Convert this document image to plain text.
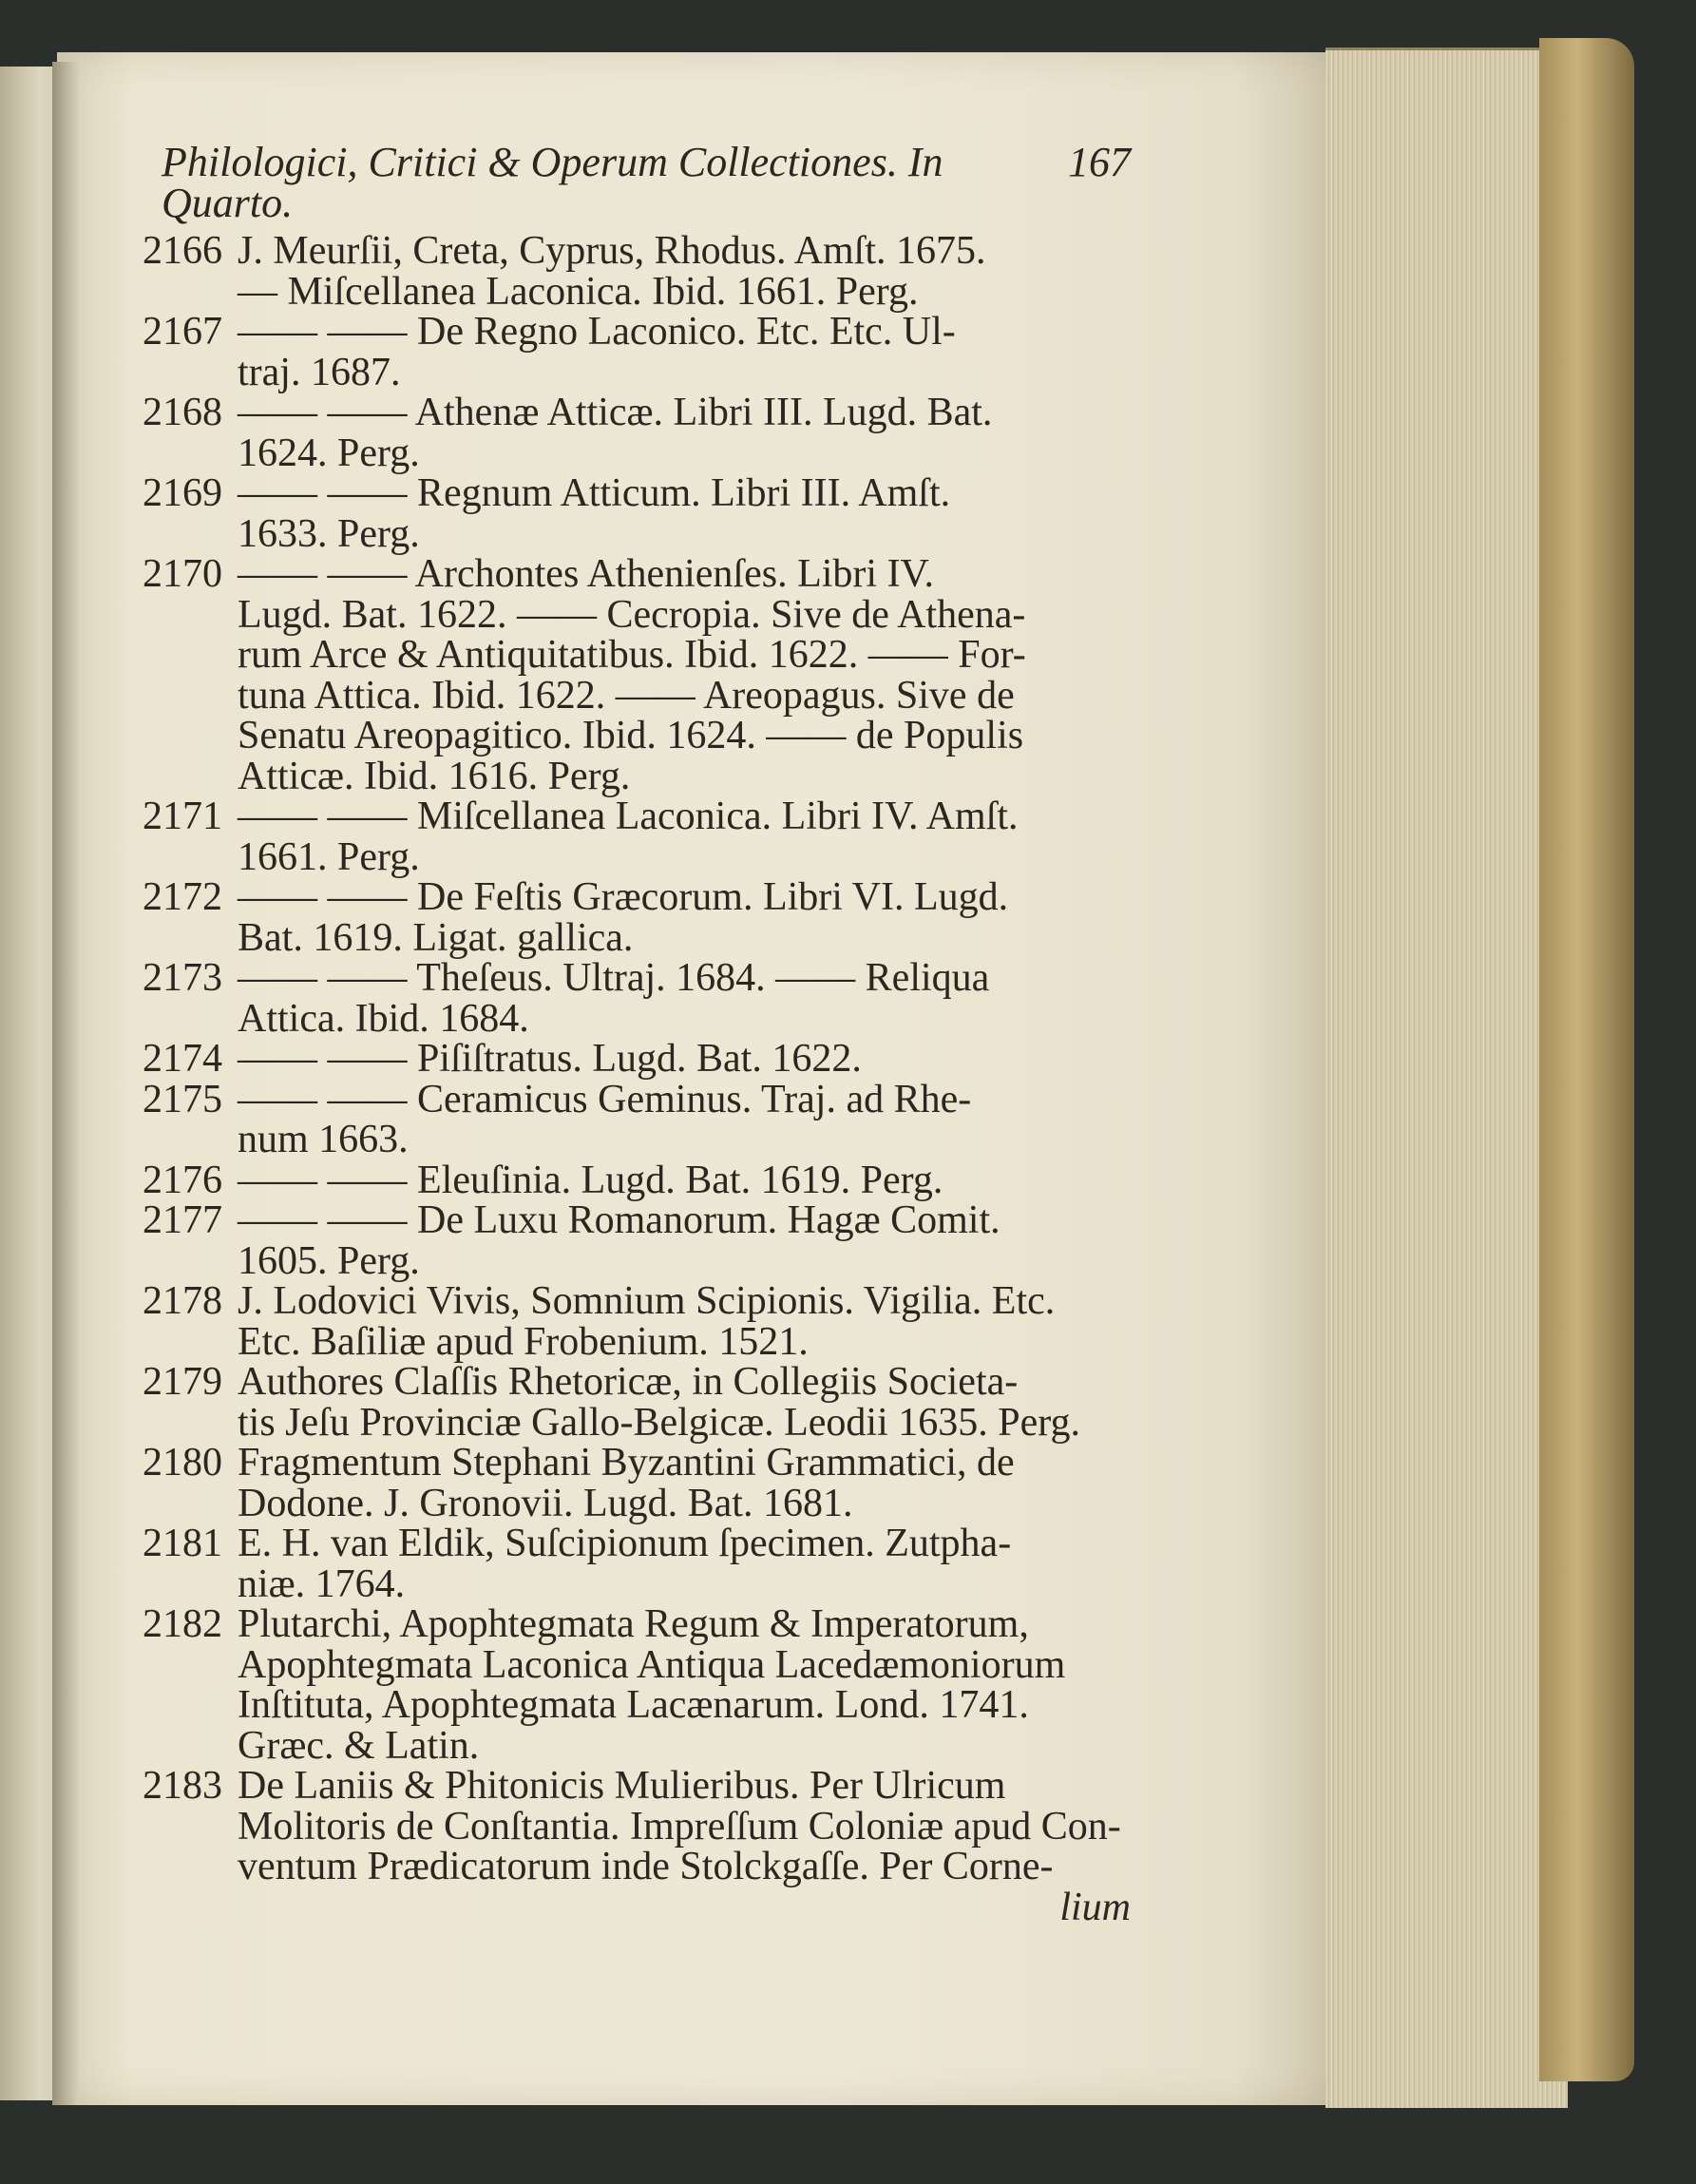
Philologici, Critici & Operum Collectiones. In Quarto.
167
2166 J. Meurſii, Creta, Cyprus, Rhodus. Amſt. 1675.
— Miſcellanea Laconica. Ibid. 1661. Perg.
2167 —— —— De Regno Laconico. Etc. Etc. Ul-
traj. 1687.
2168 —— —— Athenæ Atticæ. Libri III. Lugd. Bat.
1624. Perg.
2169 —— —— Regnum Atticum. Libri III. Amſt.
1633. Perg.
2170 —— —— Archontes Athenienſes. Libri IV.
Lugd. Bat. 1622. —— Cecropia. Sive de Athena-
rum Arce & Antiquitatibus. Ibid. 1622. —— For-
tuna Attica. Ibid. 1622. —— Areopagus. Sive de
Senatu Areopagitico. Ibid. 1624. —— de Populis
Atticæ. Ibid. 1616. Perg.
2171 —— —— Miſcellanea Laconica. Libri IV. Amſt.
1661. Perg.
2172 —— —— De Feſtis Græcorum. Libri VI. Lugd.
Bat. 1619. Ligat. gallica.
2173 —— —— Theſeus. Ultraj. 1684. —— Reliqua
Attica. Ibid. 1684.
2174 —— —— Piſiſtratus. Lugd. Bat. 1622.
2175 —— —— Ceramicus Geminus. Traj. ad Rhe-
num 1663.
2176 —— —— Eleuſinia. Lugd. Bat. 1619. Perg.
2177 —— —— De Luxu Romanorum. Hagæ Comit.
1605. Perg.
2178 J. Lodovici Vivis, Somnium Scipionis. Vigilia. Etc.
Etc. Baſiliæ apud Frobenium. 1521.
2179 Authores Claſſis Rhetoricæ, in Collegiis Societa-
tis Jeſu Provinciæ Gallo-Belgicæ. Leodii 1635. Perg.
2180 Fragmentum Stephani Byzantini Grammatici, de
Dodone. J. Gronovii. Lugd. Bat. 1681.
2181 E. H. van Eldik, Suſcipionum ſpecimen. Zutpha-
niæ. 1764.
2182 Plutarchi, Apophtegmata Regum & Imperatorum,
Apophtegmata Laconica Antiqua Lacedæmoniorum
Inſtituta, Apophtegmata Lacænarum. Lond. 1741.
Græc. & Latin.
2183 De Laniis & Phitonicis Mulieribus. Per Ulricum
Molitoris de Conſtantia. Impreſſum Coloniæ apud Con-
ventum Prædicatorum inde Stolckgaſſe. Per Corne-
lium
